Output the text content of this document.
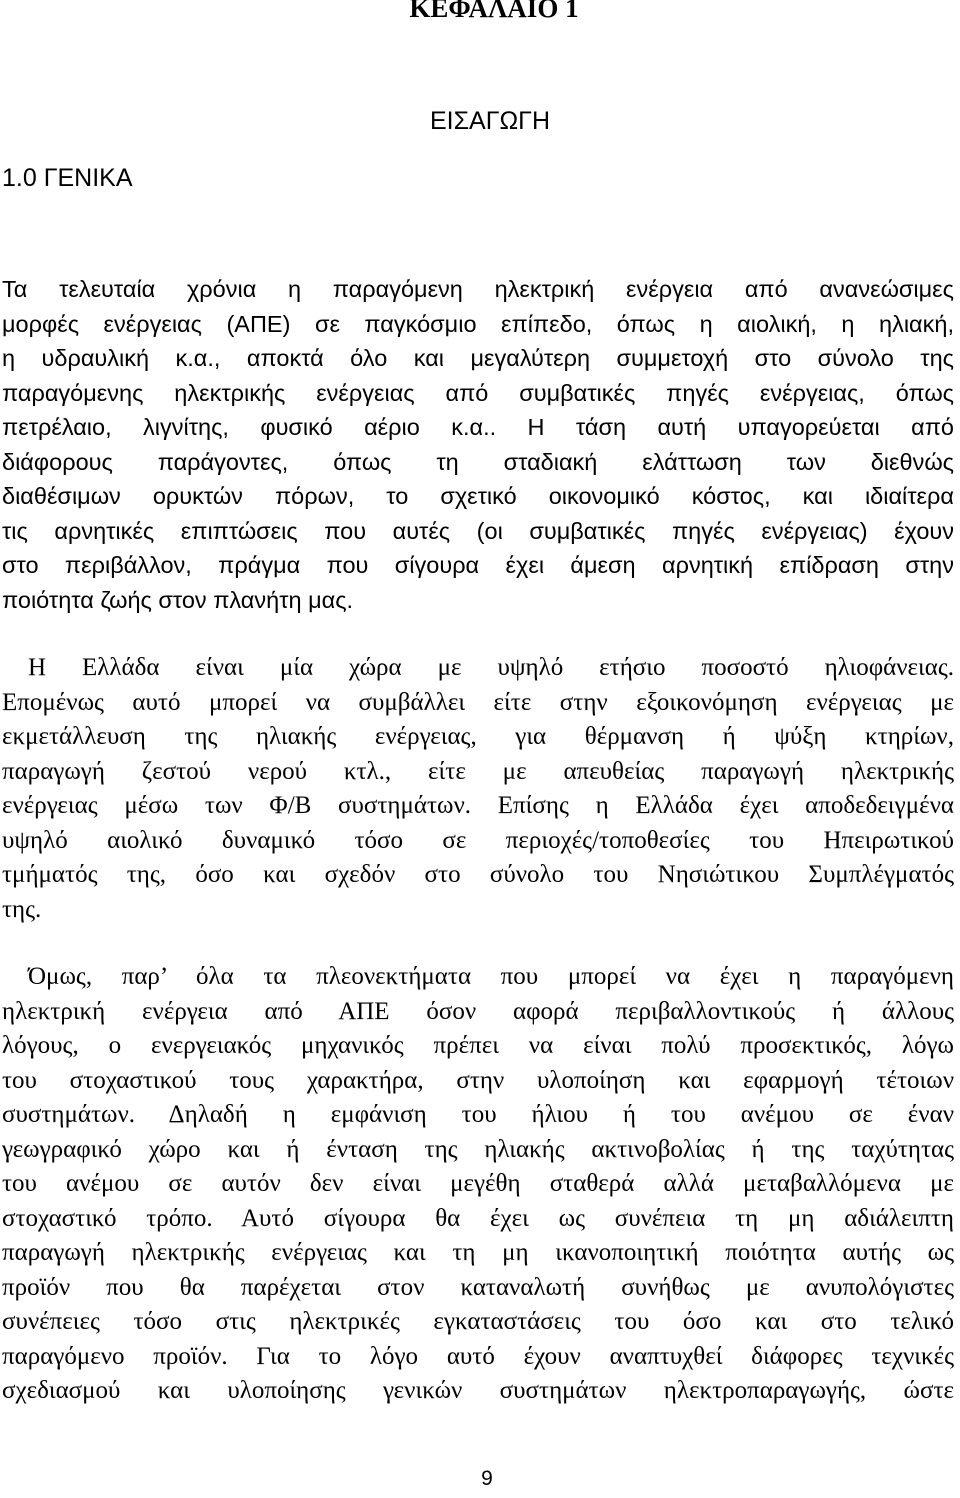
ΚΕΦΑΛΑΙΟ 1
ΕΙΣΑΓΩΓΗ
1.0 ΓΕΝΙΚΑ
Τα τελευταία χρόνια η παραγόμενη ηλεκτρική ενέργεια από ανανεώσιμες
μορφές ενέργειας (ΑΠΕ) σε παγκόσμιο επίπεδο, όπως η αιολική, η ηλιακή,
η υδραυλική κ.α., αποκτά όλο και μεγαλύτερη συμμετοχή στο σύνολο της
παραγόμενης ηλεκτρικής ενέργειας από συμβατικές πηγές ενέργειας, όπως
πετρέλαιο, λιγνίτης, φυσικό αέριο κ.α.. Η τάση αυτή υπαγορεύεται από
διάφορους παράγοντες, όπως τη σταδιακή ελάττωση των διεθνώς
διαθέσιμων ορυκτών πόρων, το σχετικό οικονομικό κόστος, και ιδιαίτερα
τις αρνητικές επιπτώσεις που αυτές (οι συμβατικές πηγές ενέργειας) έχουν
στο περιβάλλον, πράγμα που σίγουρα έχει άμεση αρνητική επίδραση στην
ποιότητα ζωής στον πλανήτη μας.
Η Ελλάδα είναι μία χώρα με υψηλό ετήσιο ποσοστό ηλιοφάνειας.
Επομένως αυτό μπορεί να συμβάλλει είτε στην εξοικονόμηση ενέργειας με
εκμετάλλευση της ηλιακής ενέργειας, για θέρμανση ή ψύξη κτηρίων,
παραγωγή ζεστού νερού κτλ., είτε με απευθείας παραγωγή ηλεκτρικής
ενέργειας μέσω των Φ/Β συστημάτων. Επίσης η Ελλάδα έχει αποδεδειγμένα
υψηλό αιολικό δυναμικό τόσο σε περιοχές/τοποθεσίες του Ηπειρωτικού
τμήματός της, όσο και σχεδόν στο σύνολο του Νησιώτικου Συμπλέγματός
της.
Όμως, παρ’ όλα τα πλεονεκτήματα που μπορεί να έχει η παραγόμενη
ηλεκτρική ενέργεια από ΑΠΕ όσον αφορά περιβαλλοντικούς ή άλλους
λόγους, ο ενεργειακός μηχανικός πρέπει να είναι πολύ προσεκτικός, λόγω
του στοχαστικού τους χαρακτήρα, στην υλοποίηση και εφαρμογή τέτοιων
συστημάτων. Δηλαδή η εμφάνιση του ήλιου ή του ανέμου σε έναν
γεωγραφικό χώρο και ή ένταση της ηλιακής ακτινοβολίας ή της ταχύτητας
του ανέμου σε αυτόν δεν είναι μεγέθη σταθερά αλλά μεταβαλλόμενα με
στοχαστικό τρόπο. Αυτό σίγουρα θα έχει ως συνέπεια τη μη αδιάλειπτη
παραγωγή ηλεκτρικής ενέργειας και τη μη ικανοποιητική ποιότητα αυτής ως
προϊόν που θα παρέχεται στον καταναλωτή συνήθως με ανυπολόγιστες
συνέπειες τόσο στις ηλεκτρικές εγκαταστάσεις του όσο και στο τελικό
παραγόμενο προϊόν. Για το λόγο αυτό έχουν αναπτυχθεί διάφορες τεχνικές
σχεδιασμού και υλοποίησης γενικών συστημάτων ηλεκτροπαραγωγής, ώστε
9
